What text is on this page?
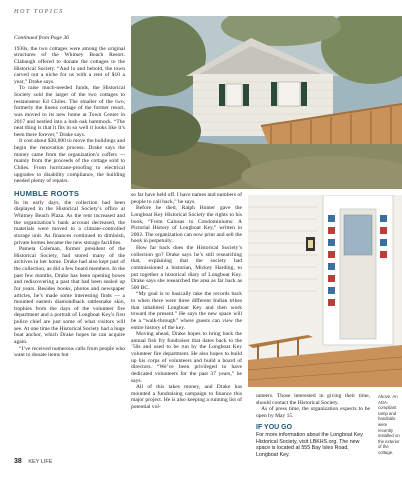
HOT TOPICS

Continued from Page 36

1930s, the two cottages were among the original structures of the Whitney Beach Resort. Clabaugh offered to donate the cottages to the Historical Society. “And lo and behold, the town carved out a niche for us with a rent of $10 a year,” Drake says.

To raise much-needed funds, the Historical Society sold the larger of the two cottages to restaurateur Ed Chiles. The smaller of the two, formerly the linens cottage of the former resort, was moved to its new home at Town Center in 2017 and nestled into a lush oak hammock. “The neat thing is that it fits in so well it looks like it’s been there forever,” Drake says.

It cost about $30,000 to move the buildings and begin the renovation process. Drake says the money came from the organization’s coffers — mainly from the proceeds of the cottage sold to Chiles. From hurricane-proofing to electrical upgrades to disability compliance, the building needed plenty of repairs.

HUMBLE ROOTS

In its early days, the collection had been displayed in the Historical Society’s office at Whitney Beach Plaza. As the rent increased and the organization’s bank account decreased, the materials were moved to a climate-controlled storage unit. As finances continued to diminish, private homes became the new storage facilities.

Pamela Coleman, former president of the Historical Society, had stored many of the archives in her home. Drake had also kept part of the collection, as did a few board members. In the past few months, Drake has been opening boxes and rediscovering a past that had been sealed up for years. Besides books, photos and newspaper articles, he’s made some interesting finds — a mounted eastern diamondback rattlesnake skin, trophies from the days of the volunteer fire department and a portrait of Longboat Key’s first police chief are just some of what visitors will see. At one time the Historical Society had a huge boat anchor, which Drake hopes he can acquire again.

“I’ve received numerous calls from people who want to donate items but

so far have held off. I have names and numbers of people to call back,” he says.

Before he died, Ralph Hunter gave the Longboat Key Historical Society the rights to his book, “From Calusas to Condominiums: A Pictorial History of Longboat Key,” written in 2002. The organization can now print and sell the book in perpetuity.

How far back does the Historical Society’s collection go? Drake says he’s still researching that, explaining that the society had commissioned a historian, Mickey Harding, to put together a historical diary of Longboat Key. Drake says she researched the area as far back as 500 BC.

“My goal is to basically take the records back to when there were three different Indian tribes that inhabited Longboat Key and then work toward the present.” He says the new space will be a “walk-through” where guests can view the entire history of the key.

Moving ahead, Drake hopes to bring back the annual fish fry fundraiser that dates back to the ’50s and used to be run by the Longboat Key volunteer fire department. He also hopes to build up his corps of volunteers and build a board of directors. “We’ve been privileged to have dedicated volunteers for the past 37 years,” he says.

All of this takes money, and Drake has mounted a fundraising campaign to finance this major project. He is also keeping a running list of potential vol-

unteers. Those interested in giving their time, should contact the Historical Society.

As of press time, the organization expects to be open by May 15.

IF YOU GO

For more information about the Longboat Key Historical Society, visit LBKHS.org. The new space is located at 555 Bay Isles Road, Longboat Key.

Above: An ADA-compliant ramp and handrails were recently installed on the exterior of the cottage.
38 KEY LIFE
